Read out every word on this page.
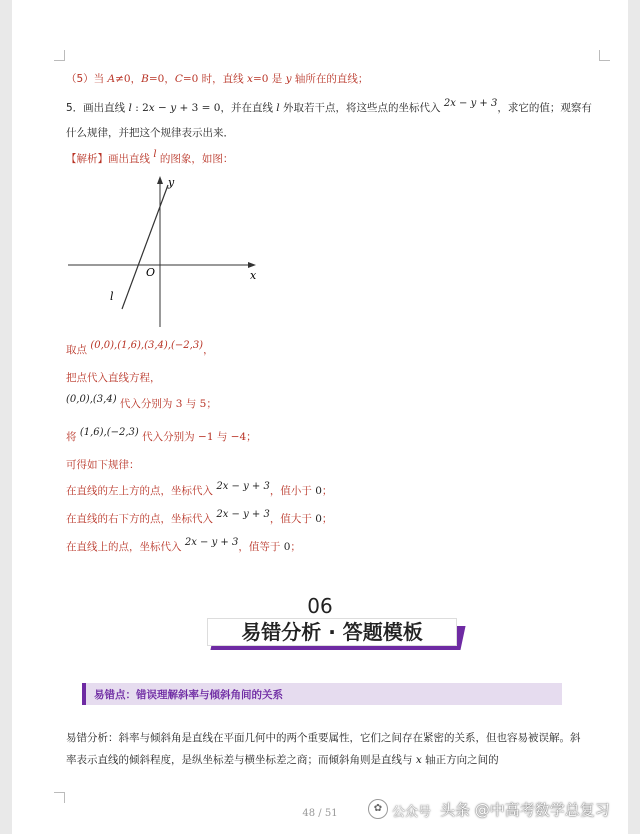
（5）当 A≠0，B=0，C=0 时，直线 x=0 是 y 轴所在的直线；
5．画出直线 l : 2x − y + 3 = 0，并在直线 l 外取若干点，将这些点的坐标代入 2x − y + 3，求它的值；观察有
什么规律，并把这个规律表示出来．
【解析】画出直线 l 的图象，如图：
y
x
O
l
取点 (0,0),(1,6),(3,4),(−2,3)，
把点代入直线方程，
(0,0),(3,4) 代入分别为 3 与 5；
将 (1,6),(−2,3) 代入分别为 −1 与 −4；
可得如下规律：
在直线的左上方的点，坐标代入 2x − y + 3，值小于 0；
在直线的右下方的点，坐标代入 2x − y + 3，值大于 0；
在直线上的点，坐标代入 2x − y + 3，值等于 0；
06
易错分析 · 答题模板
易错点：错误理解斜率与倾斜角间的关系
易错分析：斜率与倾斜角是直线在平面几何中的两个重要属性，它们之间存在紧密的关系，但也容易被误解。斜率表示直线的倾斜程度，是纵坐标差与横坐标差之商；而倾斜角则是直线与 x 轴正方向之间的
48 / 51	✿ 公众号 头条 @中高考数学总复习
